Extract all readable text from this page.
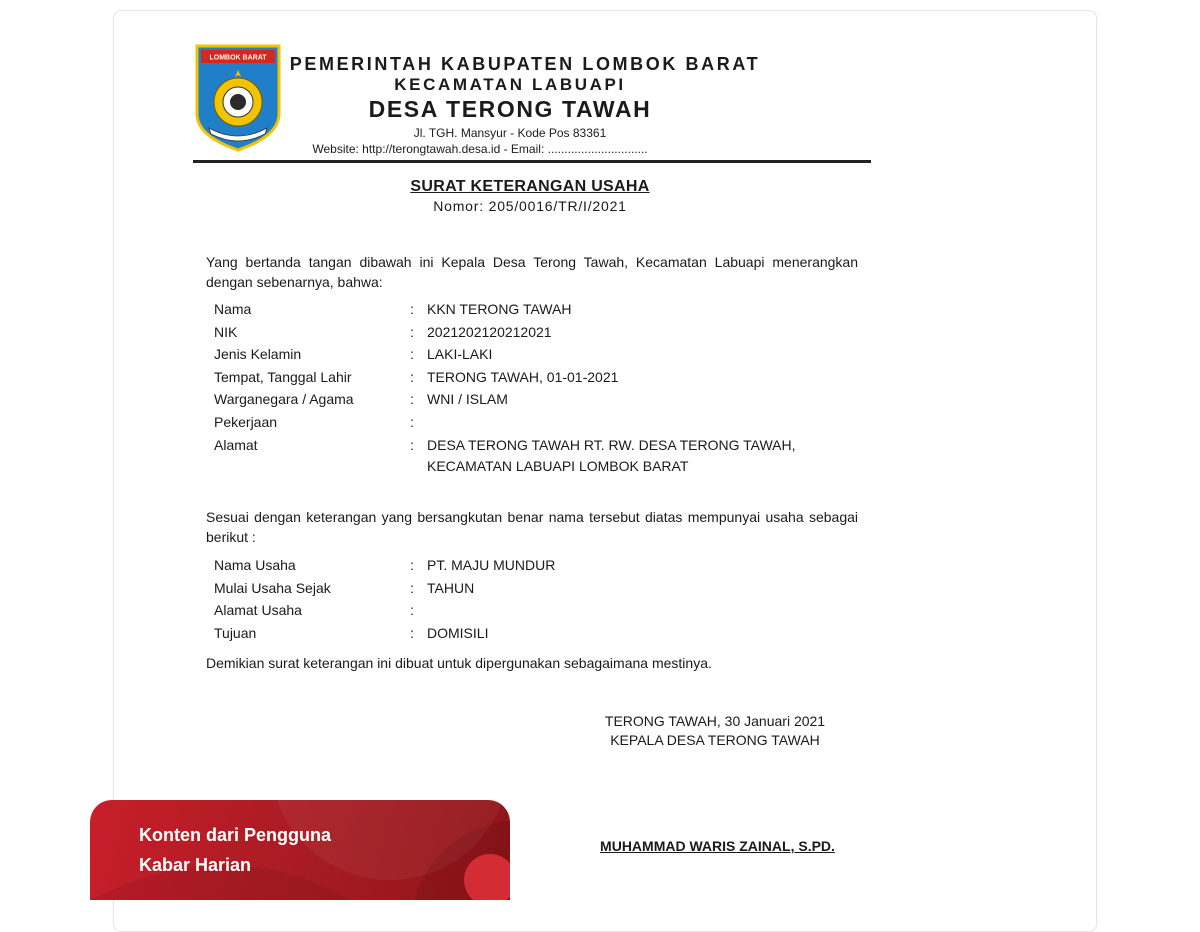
LOMBOK BARAT	PEMERINTAH KABUPATEN LOMBOK BARAT
KECAMATAN LABUAPI
DESA TERONG TAWAH
Jl. TGH. Mansyur - Kode Pos 83361
Website: http://terongtawah.desa.id - Email: ..............................
SURAT KETERANGAN USAHA
Nomor: 205/0016/TR/I/2021
Yang bertanda tangan dibawah ini Kepala Desa Terong Tawah, Kecamatan Labuapi menerangkan dengan sebenarnya, bahwa:
Nama	: KKN TERONG TAWAH
NIK	: 2021202120212021
Jenis Kelamin	: LAKI-LAKI
Tempat, Tanggal Lahir	: TERONG TAWAH, 01-01-2021
Warganegara / Agama	: WNI / ISLAM
Pekerjaan	:
Alamat	: DESA TERONG TAWAH RT. RW. DESA TERONG TAWAH, KECAMATAN LABUAPI LOMBOK BARAT
Sesuai dengan keterangan yang bersangkutan benar nama tersebut diatas mempunyai usaha sebagai berikut :
Nama Usaha	: PT. MAJU MUNDUR
Mulai Usaha Sejak	: TAHUN
Alamat Usaha	:
Tujuan	: DOMISILI
Demikian surat keterangan ini dibuat untuk dipergunakan sebagaimana mestinya.
TERONG TAWAH, 30 Januari 2021
KEPALA DESA TERONG TAWAH
MUHAMMAD WARIS ZAINAL, S.PD.
Konten dari Pengguna
Kabar Harian
